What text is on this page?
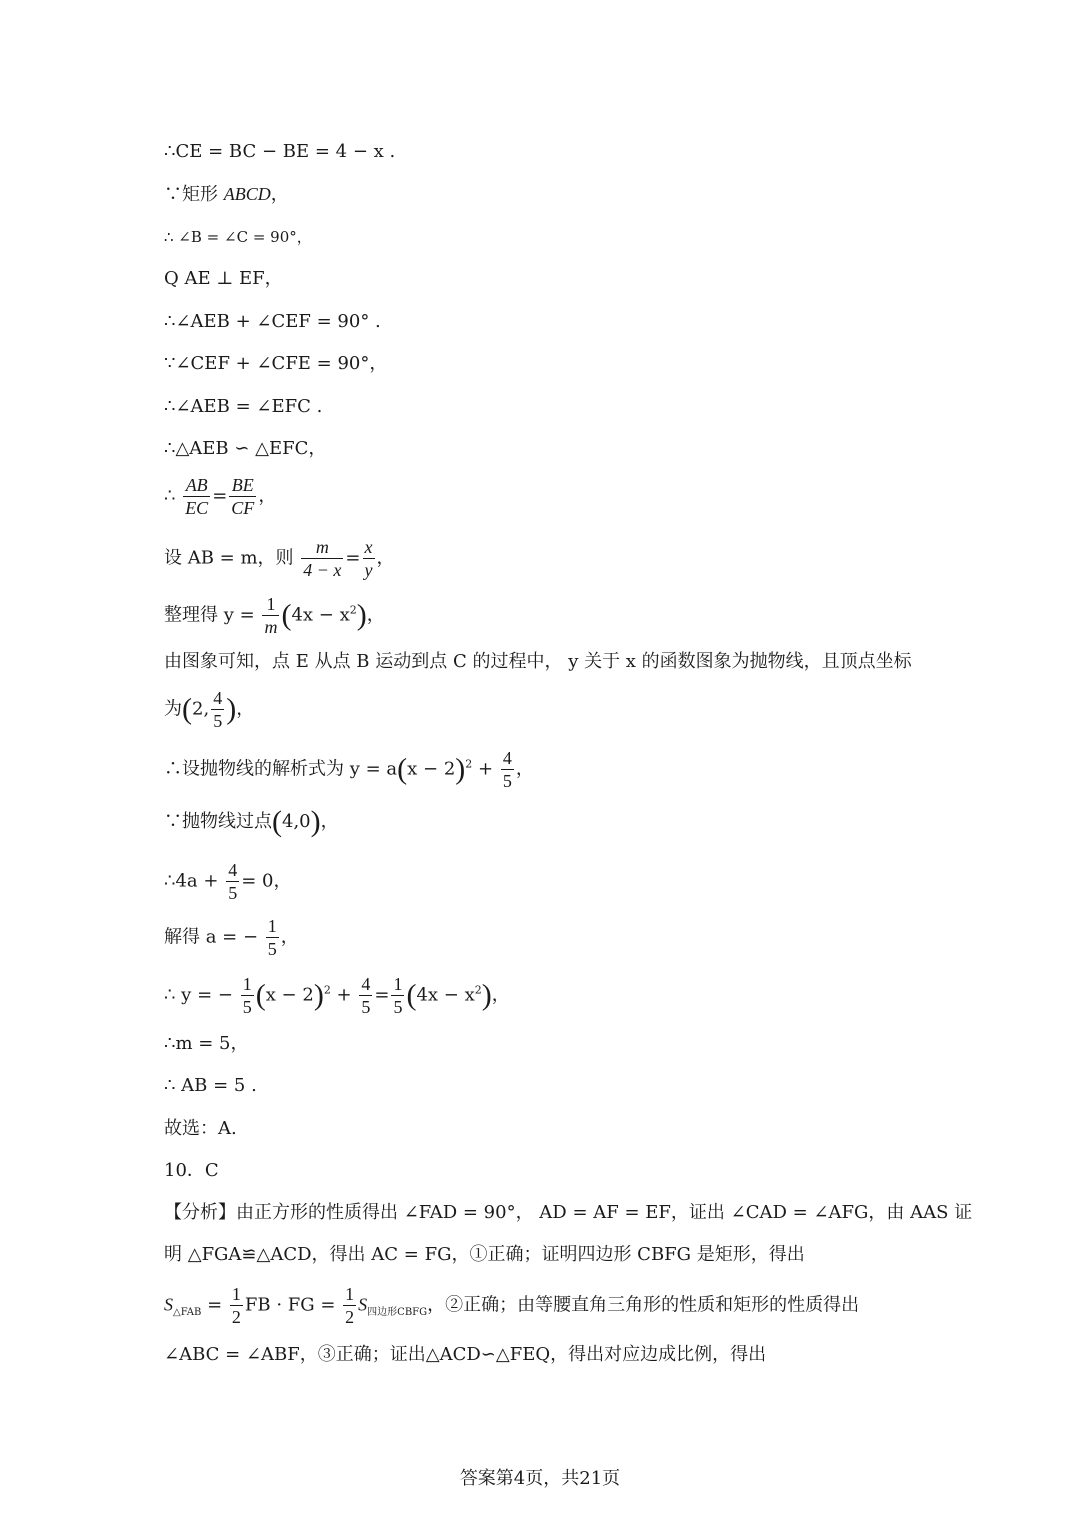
∴CE = BC − BE = 4 − x .
∵矩形 ABCD，
∴ ∠B = ∠C = 90°，
Q AE ⊥ EF，
∴∠AEB + ∠CEF = 90° .
∵∠CEF + ∠CFE = 90°，
∴∠AEB = ∠EFC .
∴△AEB ∽ △EFC，
∴ $\frac{AB}{EC} = \frac{BE}{CF}$ ，
设 AB = m，则 $\frac{m}{4 - x} = \frac{x}{y}$ ，
整理得 $y = \frac{1}{m} (4x - x^2)$，
由图象可知，点 E 从点 B 运动到点 C 的过程中， y 关于 x 的函数图象为抛物线，且顶点坐标
为(2, $\frac{4}{5}$ )，
∴设抛物线的解析式为 $y = a(x - 2)^2 + \frac{4}{5}$ ，
∵抛物线过点(4,0)，
∴4a + $\frac{4}{5} = 0$，
解得 a = − $\frac{1}{5}$ ，
∴ y = − $\frac{1}{5} (x - 2)^2 + \frac{4}{5} = \frac{1}{5} (4x - x^2)$，
∴m = 5，
∴ AB = 5 .
故选：A.
10．C
【分析】由正方形的性质得出 ∠FAD = 90°， AD = AF = EF，证出 ∠CAD = ∠AFG，由 AAS 证
明 △FGA≌△ACD，得出 AC = FG，①正确；证明四边形 CBFG 是矩形，得出
$S_{\triangle FAB} = \frac{1}{2}$ FB · FG = $\frac{1}{2} S_{四边形CBFG}$，②正确；由等腰直角三角形的性质和矩形的性质得出
∠ABC = ∠ABF，③正确；证出△ACD∽△FEQ，得出对应边成比例，得出
答案第4页，共21页
